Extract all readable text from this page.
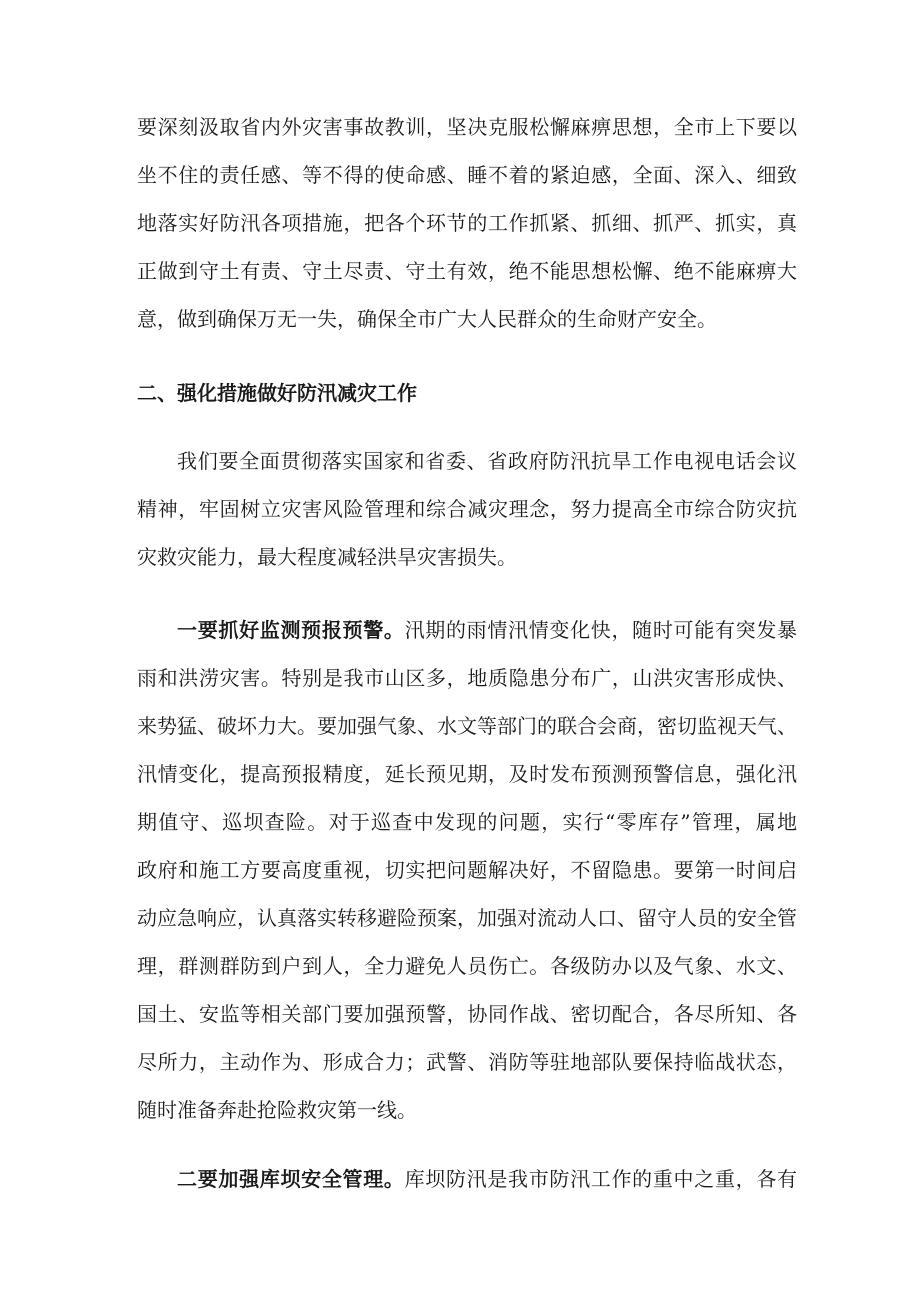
要深刻汲取省内外灾害事故教训，坚决克服松懈麻痹思想，全市上下要以
坐不住的责任感、等不得的使命感、睡不着的紧迫感，全面、深入、细致
地落实好防汛各项措施，把各个环节的工作抓紧、抓细、抓严、抓实，真
正做到守土有责、守土尽责、守土有效，绝不能思想松懈、绝不能麻痹大
意，做到确保万无一失，确保全市广大人民群众的生命财产安全。
二、强化措施做好防汛减灾工作
我们要全面贯彻落实国家和省委、省政府防汛抗旱工作电视电话会议
精神，牢固树立灾害风险管理和综合减灾理念，努力提高全市综合防灾抗
灾救灾能力，最大程度减轻洪旱灾害损失。
一要抓好监测预报预警。汛期的雨情汛情变化快，随时可能有突发暴
雨和洪涝灾害。特别是我市山区多，地质隐患分布广，山洪灾害形成快、
来势猛、破坏力大。要加强气象、水文等部门的联合会商，密切监视天气、
汛情变化，提高预报精度，延长预见期，及时发布预测预警信息，强化汛
期值守、巡坝查险。对于巡查中发现的问题，实行“零库存”管理，属地
政府和施工方要高度重视，切实把问题解决好，不留隐患。要第一时间启
动应急响应，认真落实转移避险预案，加强对流动人口、留守人员的安全管
理，群测群防到户到人，全力避免人员伤亡。各级防办以及气象、水文、
国土、安监等相关部门要加强预警，协同作战、密切配合，各尽所知、各
尽所力，主动作为、形成合力；武警、消防等驻地部队要保持临战状态，
随时准备奔赴抢险救灾第一线。
二要加强库坝安全管理。库坝防汛是我市防汛工作的重中之重，各有
